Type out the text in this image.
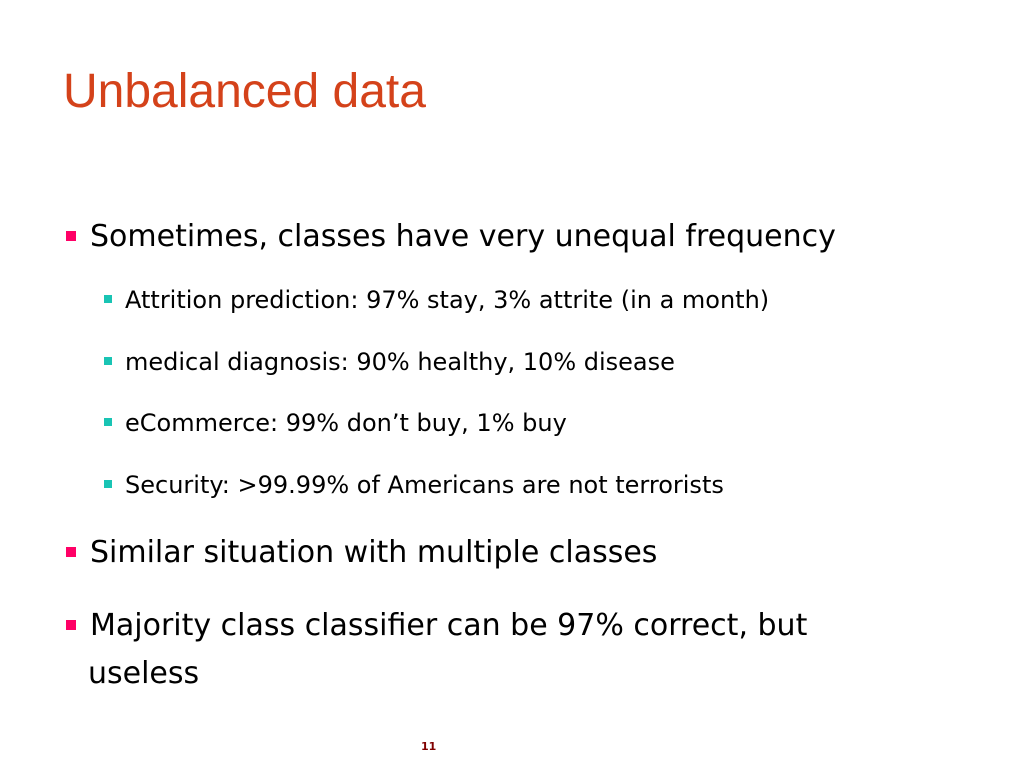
Unbalanced data
Sometimes, classes have very unequal frequency
Attrition prediction: 97% stay, 3% attrite (in a month)
medical diagnosis: 90% healthy, 10% disease
eCommerce: 99% don’t buy, 1% buy
Security: >99.99% of Americans are not terrorists
Similar situation with multiple classes
Majority class classifier can be 97% correct, but
useless
11
